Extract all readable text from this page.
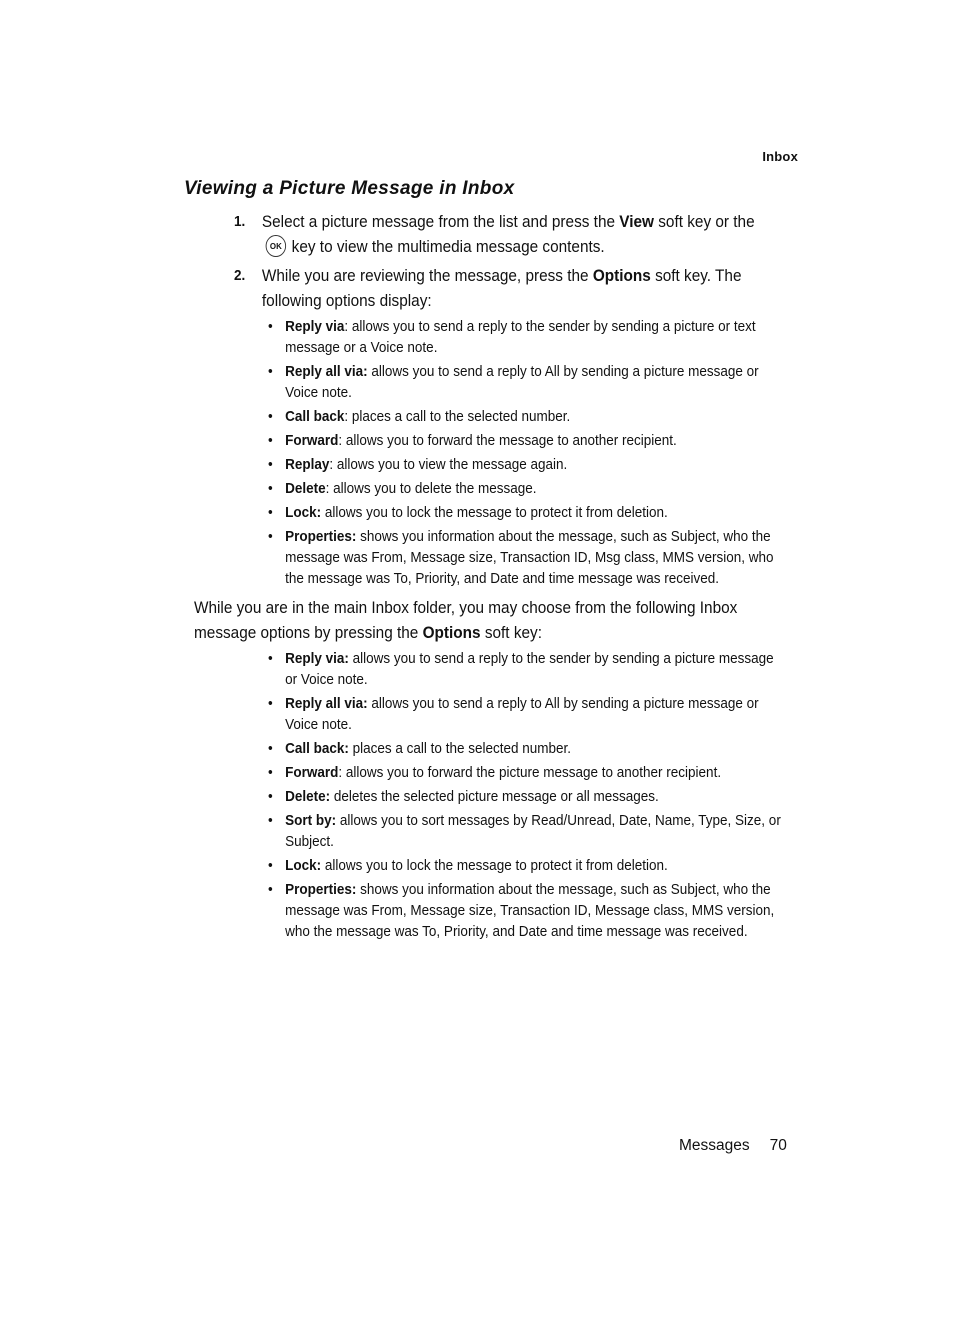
Inbox
Viewing a Picture Message in Inbox
1. Select a picture message from the list and press the View soft key or the
OK key to view the multimedia message contents.
2. While you are reviewing the message, press the Options soft key. The following options display:
• Reply via: allows you to send a reply to the sender by sending a picture or text message or a Voice note.
• Reply all via: allows you to send a reply to All by sending a picture message or Voice note.
• Call back: places a call to the selected number.
• Forward: allows you to forward the message to another recipient.
• Replay: allows you to view the message again.
• Delete: allows you to delete the message.
• Lock: allows you to lock the message to protect it from deletion.
• Properties: shows you information about the message, such as Subject, who the message was From, Message size, Transaction ID, Msg class, MMS version, who the message was To, Priority, and Date and time message was received.

While you are in the main Inbox folder, you may choose from the following Inbox message options by pressing the Options soft key:

• Reply via: allows you to send a reply to the sender by sending a picture message or Voice note.
• Reply all via: allows you to send a reply to All by sending a picture message or Voice note.
• Call back: places a call to the selected number.
• Forward: allows you to forward the picture message to another recipient.
• Delete: deletes the selected picture message or all messages.
• Sort by: allows you to sort messages by Read/Unread, Date, Name, Type, Size, or Subject.
• Lock: allows you to lock the message to protect it from deletion.
• Properties: shows you information about the message, such as Subject, who the message was From, Message size, Transaction ID, Message class, MMS version, who the message was To, Priority, and Date and time message was received.
Messages 70
